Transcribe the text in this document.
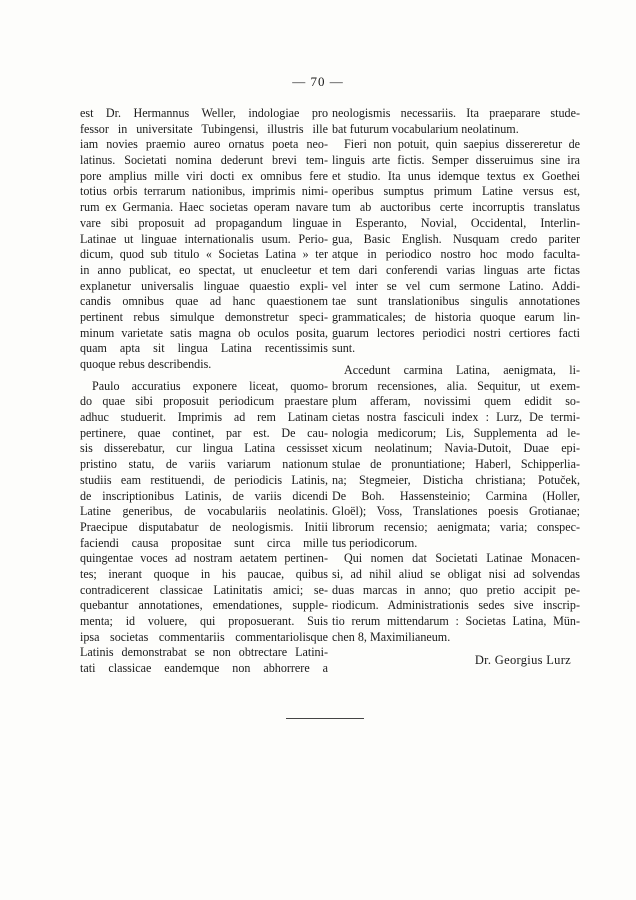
— 70 —
est Dr. Hermannus Weller, indologiae pro
fessor in universitate Tubingensi, illustris ille
iam novies praemio aureo ornatus poeta neo-
latinus. Societati nomina dederunt brevi tem-
pore amplius mille viri docti ex omnibus fere
totius orbis terrarum nationibus, imprimis nimi-
rum ex Germania. Haec societas operam navare
vare sibi proposuit ad propagandum linguae
Latinae ut linguae internationalis usum. Perio-
dicum, quod sub titulo « Societas Latina » ter
in anno publicat, eo spectat, ut enucleetur et
explanetur universalis linguae quaestio expli-
candis omnibus quae ad hanc quaestionem
pertinent rebus simulque demonstretur speci-
minum varietate satis magna ob oculos posita,
quam apta sit lingua Latina recentissimis
quoque rebus describendis.
Paulo accuratius exponere liceat, quomo-
do quae sibi proposuit periodicum praestare
adhuc studuerit. Imprimis ad rem Latinam
pertinere, quae continet, par est. De cau-
sis disserebatur, cur lingua Latina cessisset
pristino statu, de variis variarum nationum
studiis eam restituendi, de periodicis Latinis,
de inscriptionibus Latinis, de variis dicendi
Latine generibus, de vocabulariis neolatinis.
Praecipue disputabatur de neologismis. Initii
faciendi causa propositae sunt circa mille
quingentae voces ad nostram aetatem pertinen-
tes; inerant quoque in his paucae, quibus
contradicerent classicae Latinitatis amici; se-
quebantur annotationes, emendationes, supple-
menta; id voluere, qui proposuerant. Suis
ipsa societas commentariis commentariolisque
Latinis demonstrabat se non obtrectare Latini-
tati classicae eandemque non abhorrere a
neologismis necessariis. Ita praeparare stude-
bat futurum vocabularium neolatinum.
Fieri non potuit, quin saepius dissereretur de
linguis arte fictis. Semper disseruimus sine ira
et studio. Ita unus idemque textus ex Goethei
operibus sumptus primum Latine versus est,
tum ab auctoribus certe incorruptis translatus
in Esperanto, Novial, Occidental, Interlin-
gua, Basic English. Nusquam credo pariter
atque in periodico nostro hoc modo faculta-
tem dari conferendi varias linguas arte fictas
vel inter se vel cum sermone Latino. Addi-
tae sunt translationibus singulis annotationes
grammaticales; de historia quoque earum lin-
guarum lectores periodici nostri certiores facti
sunt.
Accedunt carmina Latina, aenigmata, li-
brorum recensiones, alia. Sequitur, ut exem-
plum afferam, novissimi quem edidit so-
cietas nostra fasciculi index : Lurz, De termi-
nologia medicorum; Lis, Supplementa ad le-
xicum neolatinum; Navia-Dutoit, Duae epi-
stulae de pronuntiatione; Haberl, Schipperlia-
na; Stegmeier, Disticha christiana; Potuček,
De Boh. Hassensteinio; Carmina (Holler,
Gloël); Voss, Translationes poesis Grotianae;
librorum recensio; aenigmata; varia; conspec-
tus periodicorum.
Qui nomen dat Societati Latinae Monacen-
si, ad nihil aliud se obligat nisi ad solvendas
duas marcas in anno; quo pretio accipit pe-
riodicum. Administrationis sedes sive inscrip-
tio rerum mittendarum : Societas Latina, Mün-
chen 8, Maximilianeum.
Dr. Georgius Lurz
